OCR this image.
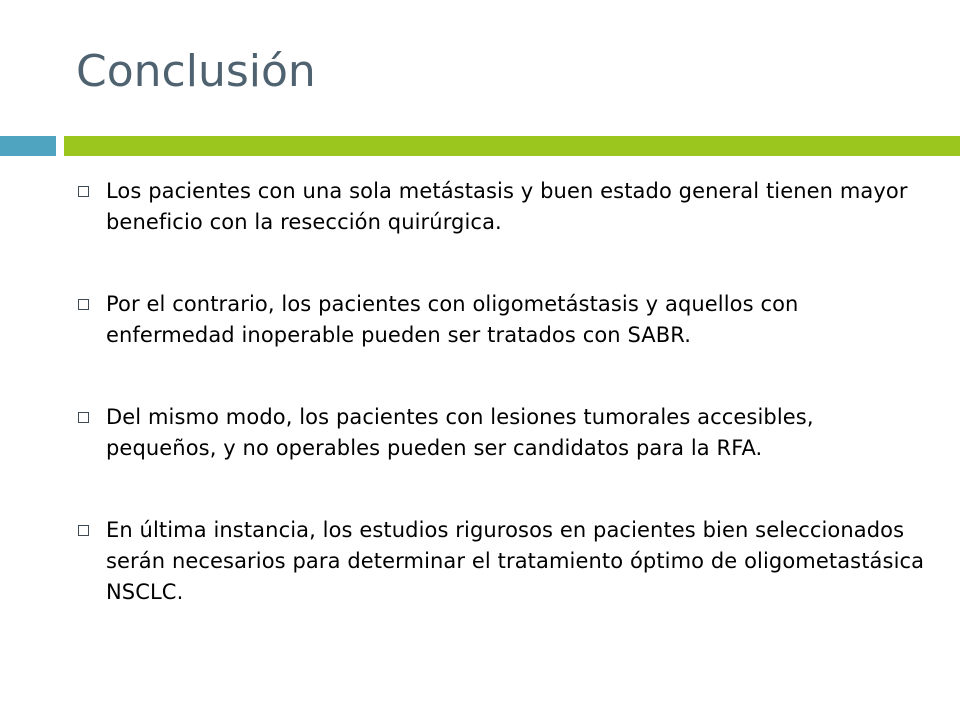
Conclusión
Los pacientes con una sola metástasis y buen estado general tienen mayor beneficio con la resección quirúrgica.
Por el contrario, los pacientes con oligometástasis y aquellos con enfermedad inoperable pueden ser tratados con SABR.
Del mismo modo, los pacientes con lesiones tumorales accesibles, pequeños, y no operables pueden ser candidatos para la RFA.
En última instancia, los estudios rigurosos en pacientes bien seleccionados serán necesarios para determinar el tratamiento óptimo de oligometastásica NSCLC.
